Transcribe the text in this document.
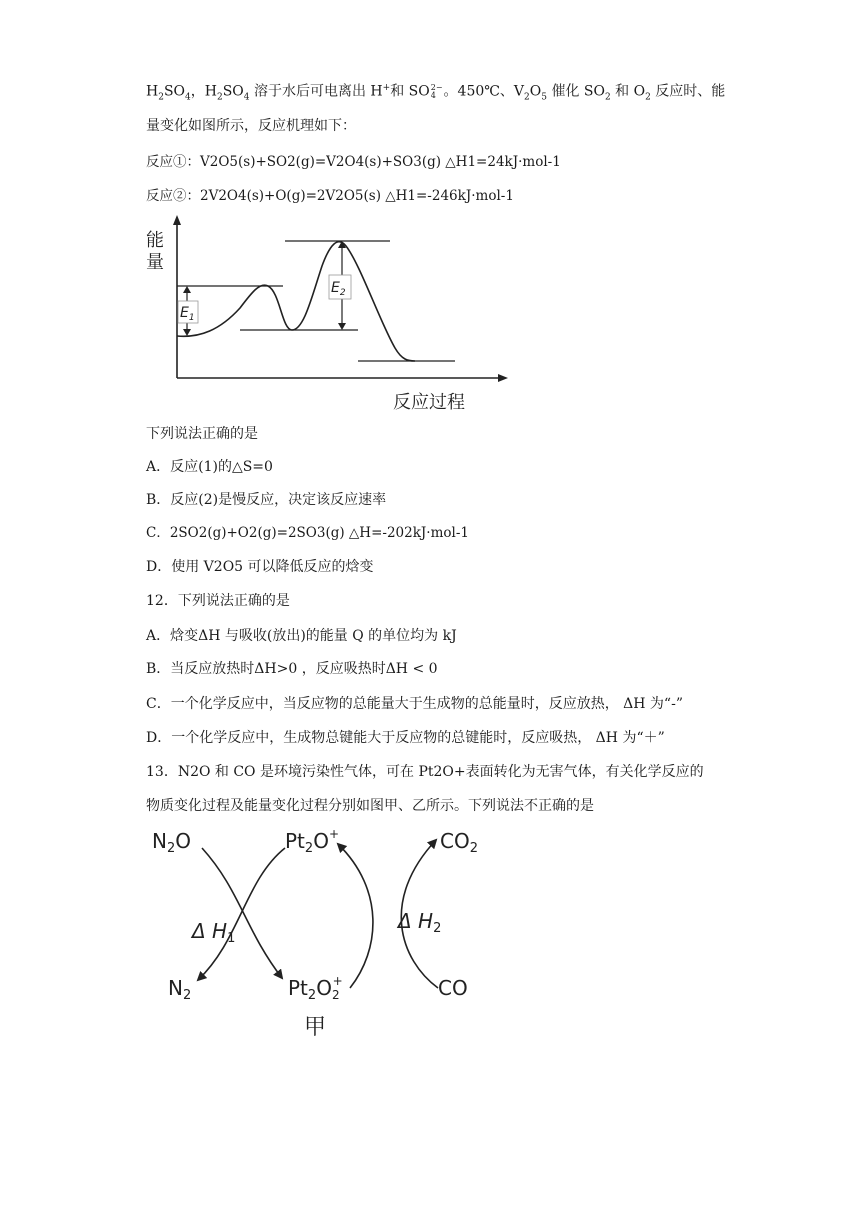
$H_2SO_4$，$H_2SO_4$ 溶于水后可电离出 H+和 SO2−
4 。450℃、$V_2O_5$ 催化 $SO_2$ 和 $O_2$ 反应时、能
量变化如图所示，反应机理如下：
反应①：V2O5(s)+SO2(g)=V2O4(s)+SO3(g) △H1=24kJ·mol-1
反应②：2V2O4(s)+O(g)=2V2O5(s) △H1=-246kJ·mol-1
能
量
反应过程
$E_1$
$E_2$
下列说法正确的是
A．反应(1)的△S=0
B．反应(2)是慢反应，决定该反应速率
C．2SO2(g)+O2(g)=2SO3(g) △H=-202kJ·mol-1
D．使用 V2O5 可以降低反应的焓变
12．下列说法正确的是
A．焓变ΔH 与吸收(放出)的能量 Q 的单位均为 kJ
B．当反应放热时ΔH>0 ，反应吸热时ΔH < 0
C．一个化学反应中，当反应物的总能量大于生成物的总能量时，反应放热， ΔH 为“-”
D．一个化学反应中，生成物总键能大于反应物的总键能时，反应吸热， ΔH 为“＋”
13．N2O 和 CO 是环境污染性气体，可在 Pt2O+表面转化为无害气体，有关化学反应的
物质变化过程及能量变化过程分别如图甲、乙所示。下列说法不正确的是
$N_2O$	$Pt_2O^+$	$CO_2$
Δ $H_1$
Δ $H_2$
$N_2$	$Pt_2O_2+$	CO
甲
